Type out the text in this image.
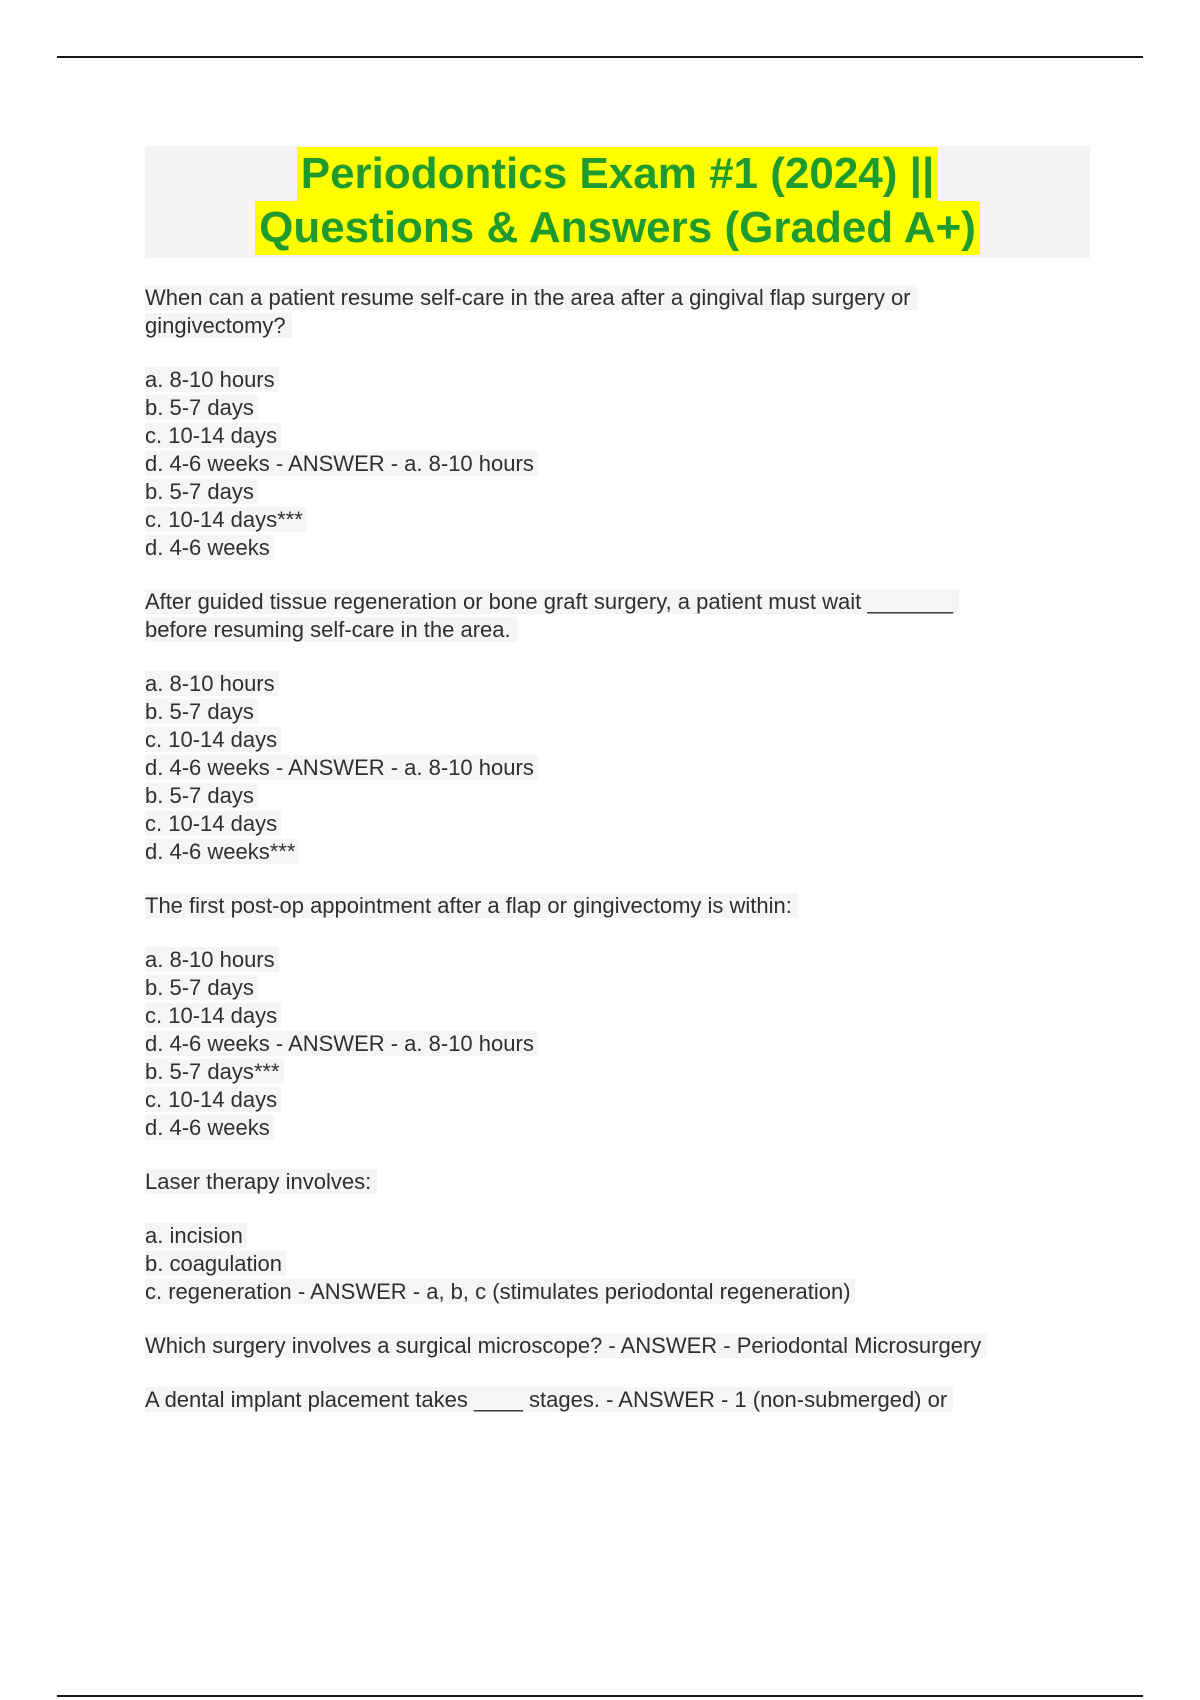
Periodontics Exam #1 (2024) ||
Questions & Answers (Graded A+)
When can a patient resume self-care in the area after a gingival flap surgery or gingivectomy?
a. 8-10 hours
b. 5-7 days
c. 10-14 days
d. 4-6 weeks - ANSWER - a. 8-10 hours
b. 5-7 days
c. 10-14 days***
d. 4-6 weeks
After guided tissue regeneration or bone graft surgery, a patient must wait _______ before resuming self-care in the area.
a. 8-10 hours
b. 5-7 days
c. 10-14 days
d. 4-6 weeks - ANSWER - a. 8-10 hours
b. 5-7 days
c. 10-14 days
d. 4-6 weeks***
The first post-op appointment after a flap or gingivectomy is within:
a. 8-10 hours
b. 5-7 days
c. 10-14 days
d. 4-6 weeks - ANSWER - a. 8-10 hours
b. 5-7 days***
c. 10-14 days
d. 4-6 weeks
Laser therapy involves:
a. incision
b. coagulation
c. regeneration - ANSWER - a, b, c (stimulates periodontal regeneration)
Which surgery involves a surgical microscope? - ANSWER - Periodontal Microsurgery
A dental implant placement takes ____ stages. - ANSWER - 1 (non-submerged) or
